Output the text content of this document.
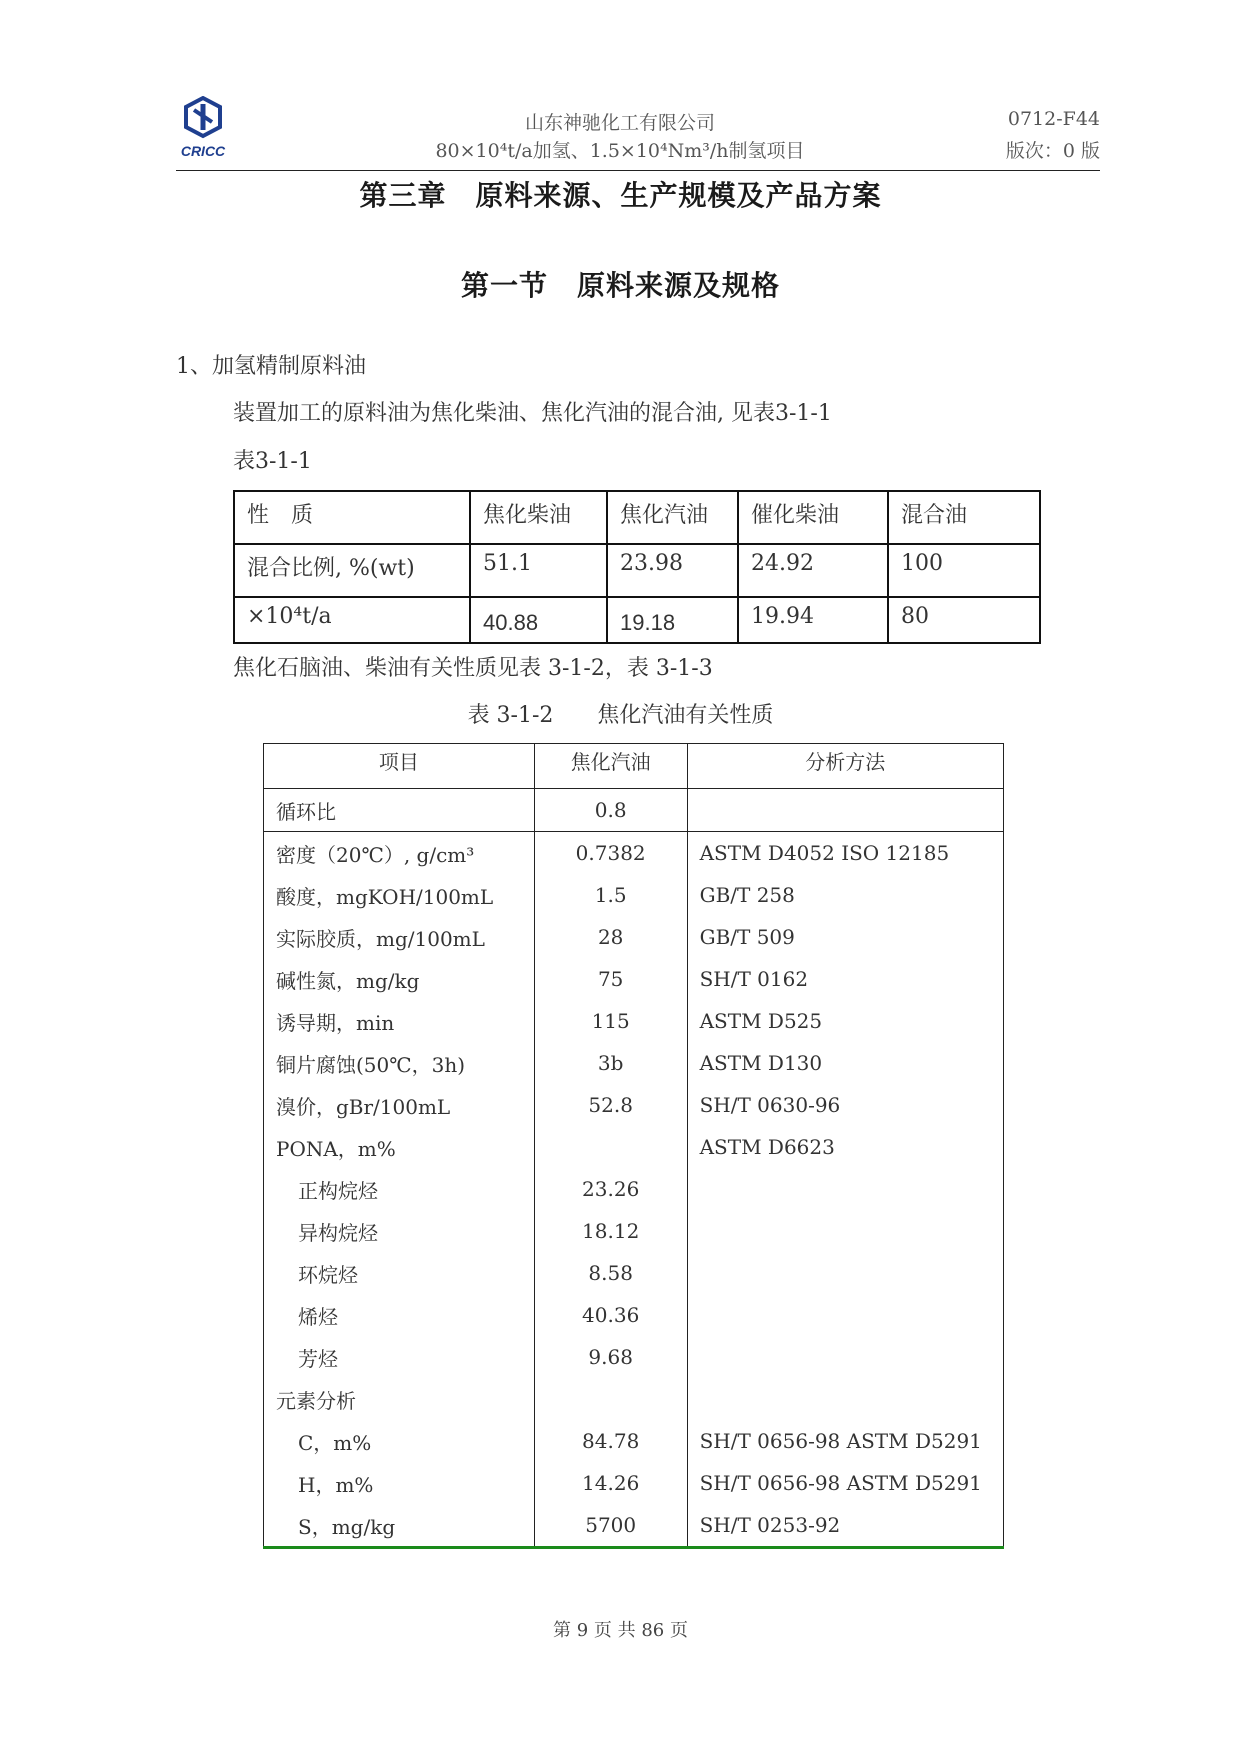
CRICC
山东神驰化工有限公司
80×10⁴t/a加氢、1.5×10⁴Nm³/h制氢项目
0712-F44
版次：0 版
第三章　原料来源、生产规模及产品方案
第一节　原料来源及规格
1、加氢精制原料油
装置加工的原料油为焦化柴油、焦化汽油的混合油, 见表3-1-1
表3-1-1
性　质	焦化柴油	焦化汽油	催化柴油	混合油
混合比例, %(wt)	51.1	23.98	24.92	100
×10⁴t/a	40.88	19.18	19.94	80
焦化石脑油、柴油有关性质见表 3-1-2，表 3-1-3
表 3-1-2　　焦化汽油有关性质
项目	焦化汽油	分析方法
循环比	0.8	
密度（20℃）, g/cm³	0.7382	ASTM D4052 ISO 12185
酸度，mgKOH/100mL	1.5	GB/T 258
实际胶质，mg/100mL	28	GB/T 509
碱性氮，mg/kg	75	SH/T 0162
诱导期，min	115	ASTM D525
铜片腐蚀(50℃，3h)	3b	ASTM D130
溴价，gBr/100mL	52.8	SH/T 0630-96
PONA，m%		ASTM D6623
正构烷烃	23.26	
异构烷烃	18.12	
环烷烃	8.58	
烯烃	40.36	
芳烃	9.68	
元素分析		
C，m%	84.78	SH/T 0656-98 ASTM D5291
H，m%	14.26	SH/T 0656-98 ASTM D5291
S，mg/kg	5700	SH/T 0253-92
第 9 页 共 86 页
